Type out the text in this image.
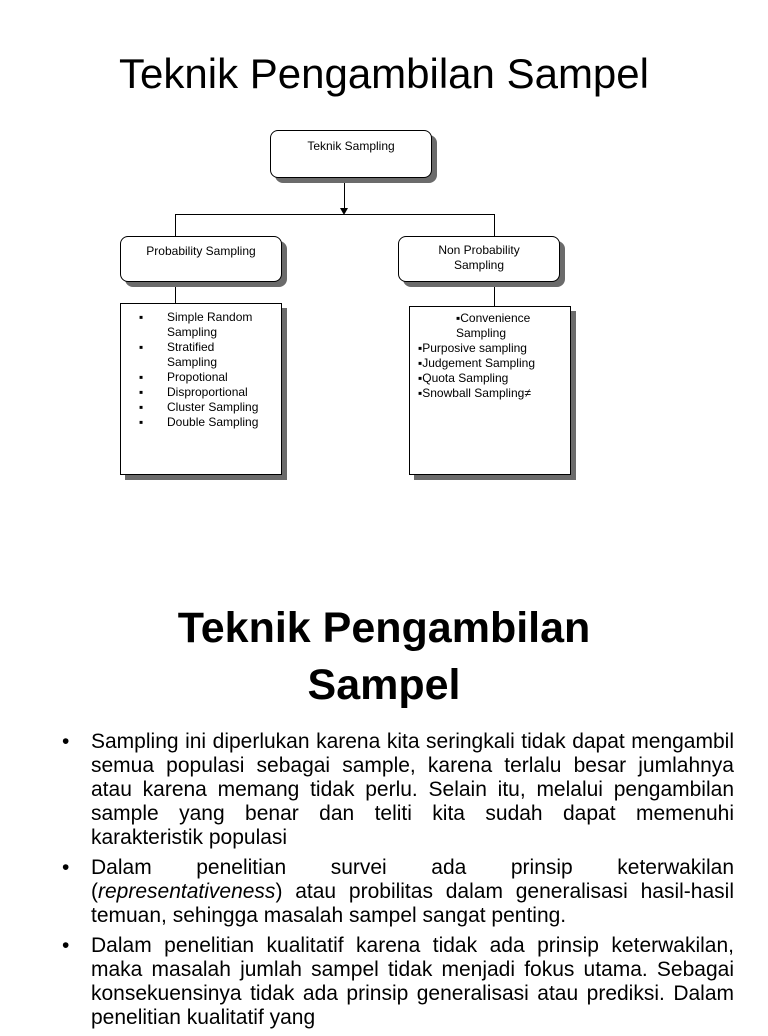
Teknik Pengambilan Sampel
Teknik Sampling
Probability Sampling	Non Probability
Sampling
▪ Simple Random
Sampling
▪ Stratified
Sampling
▪ Propotional
▪ Disproportional
▪ Cluster Sampling
▪ Double Sampling
▪Convenience
Sampling
▪Purposive sampling
▪Judgement Sampling
▪Quota Sampling
▪Snowball Sampling≠
Teknik Pengambilan
Sampel
• Sampling ini diperlukan karena kita seringkali tidak dapat mengambil semua populasi sebagai sample, karena terlalu besar jumlahnya atau karena memang tidak perlu. Selain itu, melalui pengambilan sample yang benar dan teliti kita sudah dapat memenuhi karakteristik populasi
• Dalam penelitian survei ada prinsip keterwakilan (representativeness) atau probilitas dalam generalisasi hasil-hasil temuan, sehingga masalah sampel sangat penting.
• Dalam penelitian kualitatif karena tidak ada prinsip keterwakilan, maka masalah jumlah sampel tidak menjadi fokus utama. Sebagai konsekuensinya tidak ada prinsip generalisasi atau prediksi. Dalam penelitian kualitatif yang
